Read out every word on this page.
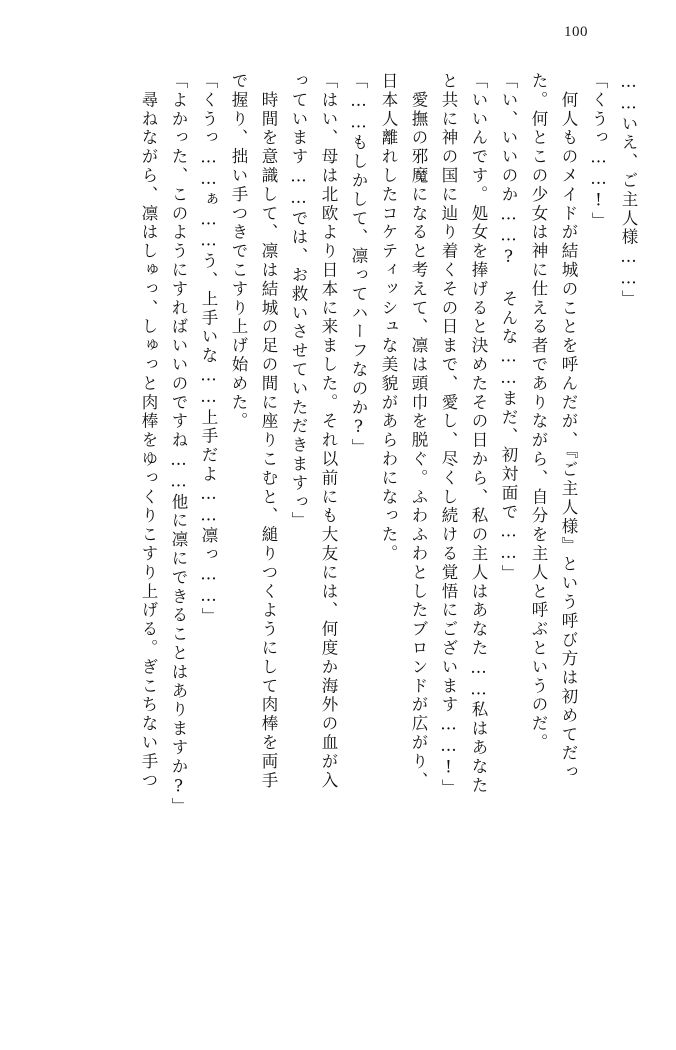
100
……いえ、ご主人様……」
「くうっ……!」
　何人ものメイドが結城のことを呼んだが、『ご主人様』という呼び方は初めてだっ
た。何とこの少女は神に仕える者でありながら、自分を主人と呼ぶというのだ。
「い、いいのか……? そんな……まだ、初対面で……」
「いいんです。処女を捧げると決めたその日から、私の主人はあなた……私はあなた
と共に神の国に辿り着くその日まで、愛し、尽くし続ける覚悟にございます……!」
　愛撫の邪魔になると考えて、凛は頭巾を脱ぐ。ふわふわとしたブロンドが広がり、
日本人離れしたコケティッシュな美貌があらわになった。
「……もしかして、凛ってハーフなのか?」
「はい、母は北欧より日本に来ました。それ以前にも大友には、何度か海外の血が入
っています……では、お救いさせていただきますっ」
　時間を意識して、凛は結城の足の間に座りこむと、縋りつくようにして肉棒を両手
で握り、拙い手つきでこすり上げ始めた。
「くうっ……ぁ……う、上手いな……上手だよ……凛っ……」
「よかった、このようにすればいいのですね……他に凛にできることはありますか?」
　尋ねながら、凛はしゅっ、しゅっと肉棒をゆっくりこすり上げる。ぎこちない手つ
